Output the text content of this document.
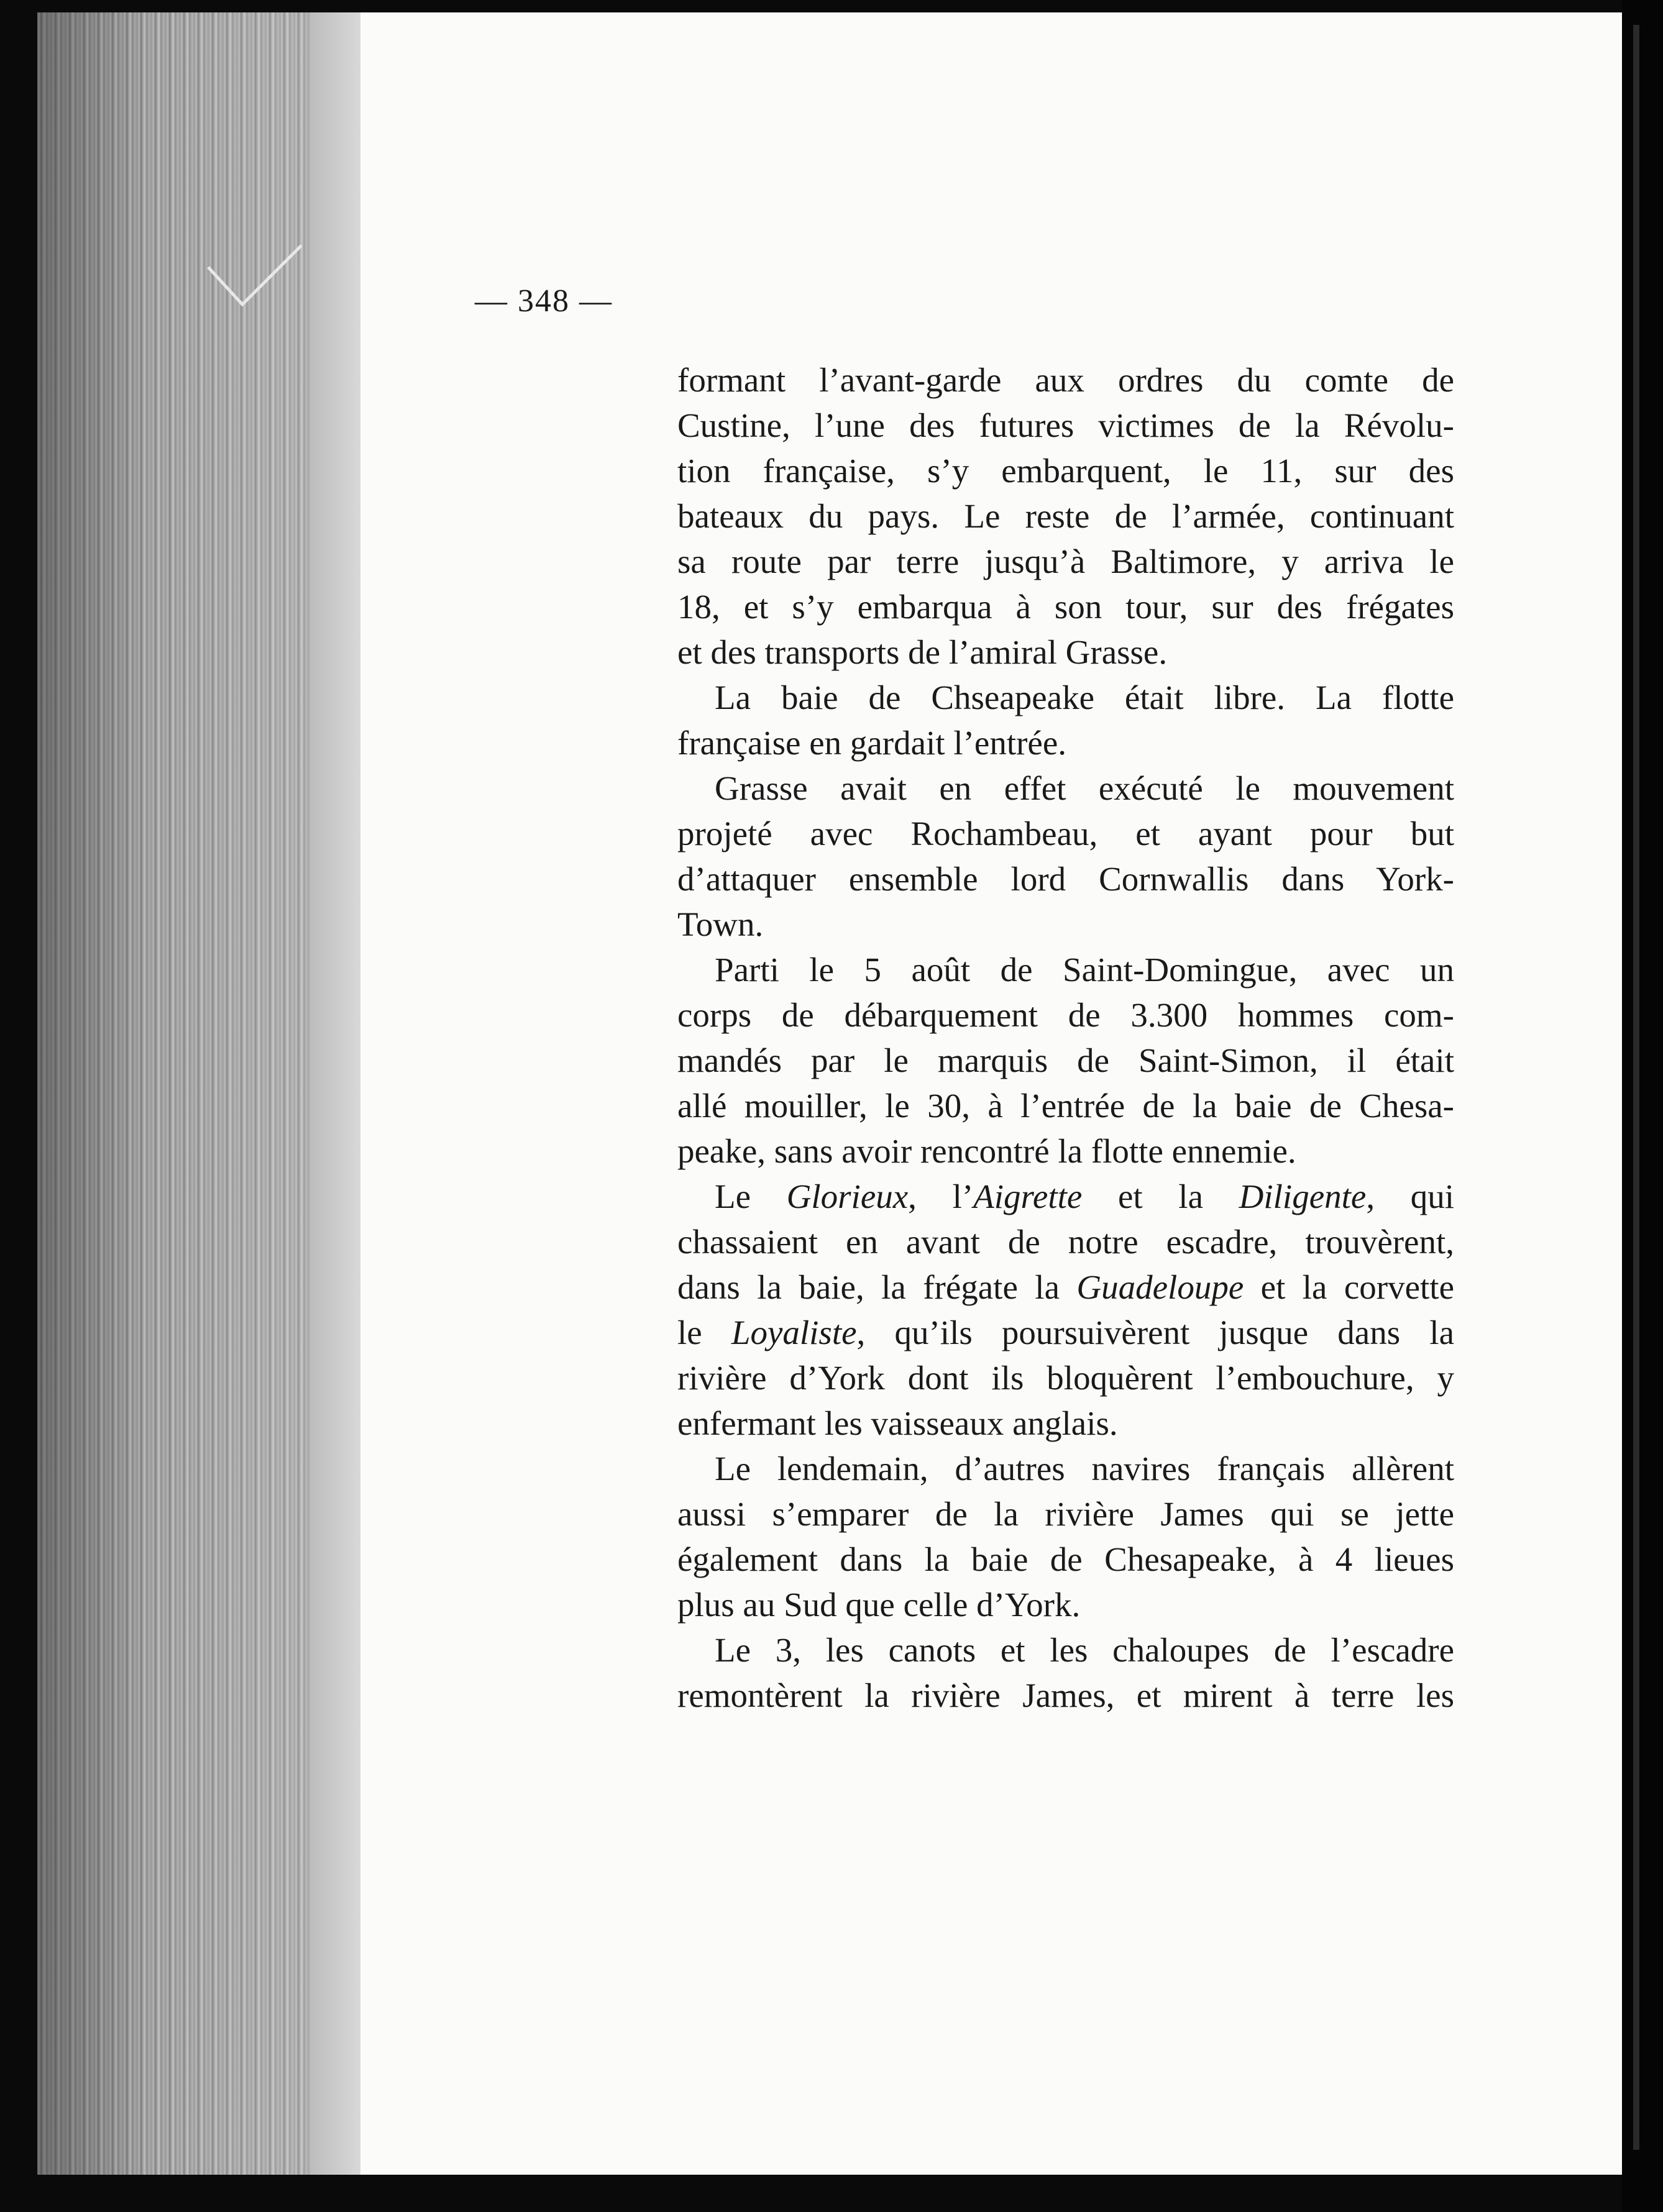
— 348 —
formant l’avant-garde aux ordres du comte de
Custine, l’une des futures victimes de la Révolu-
tion française, s’y embarquent, le 11, sur des
bateaux du pays. Le reste de l’armée, continuant
sa route par terre jusqu’à Baltimore, y arriva le
18, et s’y embarqua à son tour, sur des frégates
et des transports de l’amiral Grasse.
La baie de Chseapeake était libre. La flotte
française en gardait l’entrée.
Grasse avait en effet exécuté le mouvement
projeté avec Rochambeau, et ayant pour but
d’attaquer ensemble lord Cornwallis dans York-
Town.
Parti le 5 août de Saint-Domingue, avec un
corps de débarquement de 3.300 hommes com-
mandés par le marquis de Saint-Simon, il était
allé mouiller, le 30, à l’entrée de la baie de Chesa-
peake, sans avoir rencontré la flotte ennemie.
Le Glorieux, l’Aigrette et la Diligente, qui
chassaient en avant de notre escadre, trouvèrent,
dans la baie, la frégate la Guadeloupe et la corvette
le Loyaliste, qu’ils poursuivèrent jusque dans la
rivière d’York dont ils bloquèrent l’embouchure, y
enfermant les vaisseaux anglais.
Le lendemain, d’autres navires français allèrent
aussi s’emparer de la rivière James qui se jette
également dans la baie de Chesapeake, à 4 lieues
plus au Sud que celle d’York.
Le 3, les canots et les chaloupes de l’escadre
remontèrent la rivière James, et mirent à terre les
